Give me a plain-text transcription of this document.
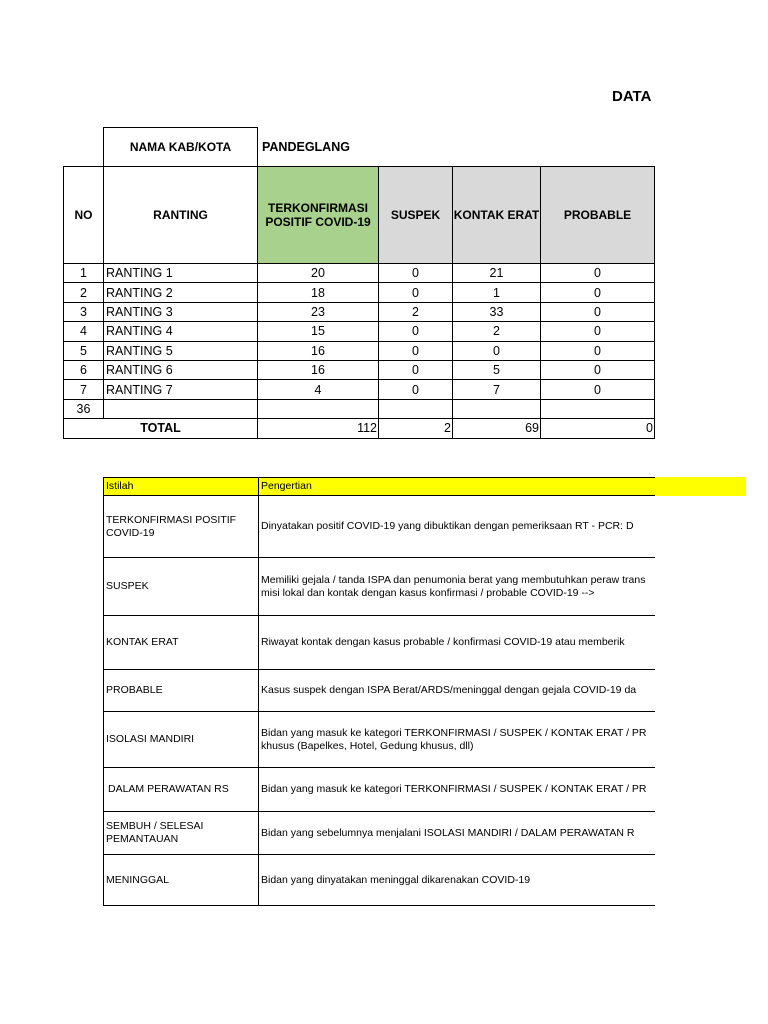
DATA
	NAMA KAB/KOTA	PANDEGLANG			
NO	RANTING	TERKONFIRMASI POSITIF COVID-19	SUSPEK	KONTAK ERAT	PROBABLE
1	RANTING 1	20	0	21	0
2	RANTING 2	18	0	1	0
3	RANTING 3	23	2	33	0
4	RANTING 4	15	0	2	0
5	RANTING 5	16	0	0	0
6	RANTING 6	16	0	5	0
7	RANTING 7	4	0	7	0
36					
TOTAL		112	2	69	0
Istilah	Pengertian
TERKONFIRMASI POSITIF COVID-19	Dinyatakan positif COVID-19 yang dibuktikan dengan pemeriksaan RT - PCR: D
SUSPEK	Memiliki gejala / tanda ISPA dan penumonia berat yang membutuhkan peraw transmisi lokal dan kontak dengan kasus konfirmasi / probable COVID-19 -->
KONTAK ERAT	Riwayat kontak dengan kasus probable / konfirmasi COVID-19 atau memberik
PROBABLE	Kasus suspek dengan ISPA Berat/ARDS/meninggal dengan gejala COVID-19 da
ISOLASI MANDIRI	Bidan yang masuk ke kategori TERKONFIRMASI / SUSPEK / KONTAK ERAT / PR khusus (Bapelkes, Hotel, Gedung khusus, dll)
DALAM PERAWATAN RS	Bidan yang masuk ke kategori TERKONFIRMASI / SUSPEK / KONTAK ERAT / PR
SEMBUH / SELESAI PEMANTAUAN	Bidan yang sebelumnya menjalani ISOLASI MANDIRI / DALAM PERAWATAN R
MENINGGAL	Bidan yang dinyatakan meninggal dikarenakan COVID-19
